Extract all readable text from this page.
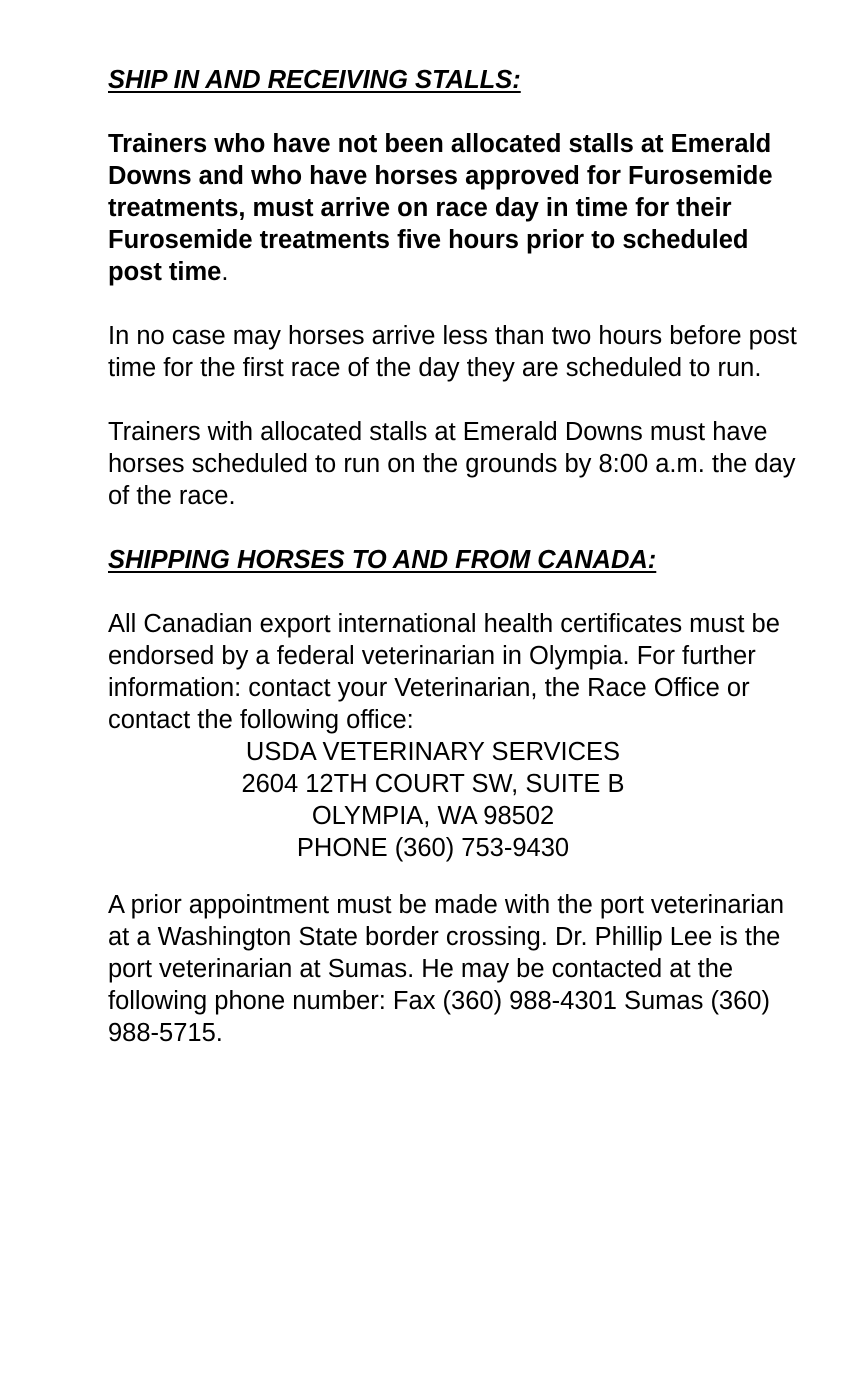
SHIP IN AND RECEIVING STALLS:

Trainers who have not been allocated stalls at Emerald Downs and who have horses approved for Furosemide treatments, must arrive on race day in time for their Furosemide treatments five hours prior to scheduled post time.

In no case may horses arrive less than two hours before post time for the first race of the day they are scheduled to run.

Trainers with allocated stalls at Emerald Downs must have horses scheduled to run on the grounds by 8:00 a.m. the day of the race.

SHIPPING HORSES TO AND FROM CANADA:

All Canadian export international health certificates must be endorsed by a federal veterinarian in Olympia. For further information: contact your Veterinarian, the Race Office or contact the following office:

USDA VETERINARY SERVICES
2604 12TH COURT SW, SUITE B
OLYMPIA, WA 98502
PHONE (360) 753-9430

A prior appointment must be made with the port veterinarian at a Washington State border crossing. Dr. Phillip Lee is the port veterinarian at Sumas. He may be contacted at the following phone number: Fax (360) 988-4301 Sumas (360) 988-5715.
